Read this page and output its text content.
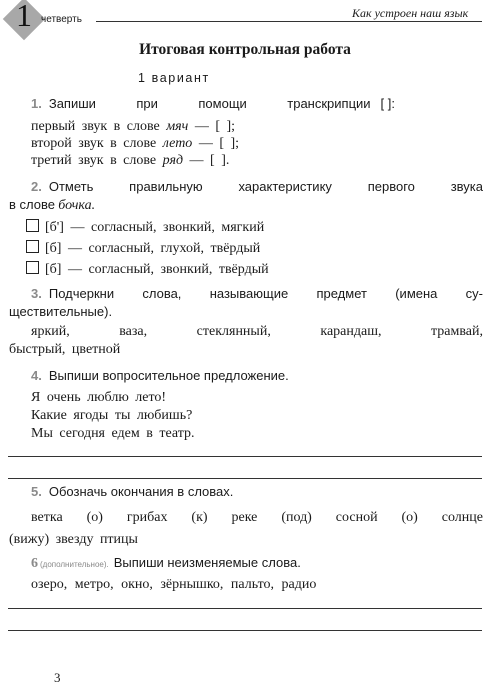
1 четверть	Как устроен наш язык
Итоговая контрольная работа
1 вариант
1. Запиши при помощи транскрипции [ ]:
первый звук в слове мяч — [ ];
второй звук в слове лето — [ ];
третий звук в слове ряд — [ ].
2. Отметь правильную характеристику первого звука
в слове бочка.
[б'] — согласный, звонкий, мягкий
[б] — согласный, глухой, твёрдый
[б] — согласный, звонкий, твёрдый
3. Подчеркни слова, называющие предмет (имена су-
ществительные).
яркий, ваза, стеклянный, карандаш, трамвай,
быстрый, цветной
4. Выпиши вопросительное предложение.
Я очень люблю лето!
Какие ягоды ты любишь?
Мы сегодня едем в театр.
5. Обозначь окончания в словах.
ветка (о) грибах (к) реке (под) сосной (о) солнце
(вижу) звезду птицы
6 (дополнительное). Выпиши неизменяемые слова.
озеро, метро, окно, зёрнышко, пальто, радио
3
